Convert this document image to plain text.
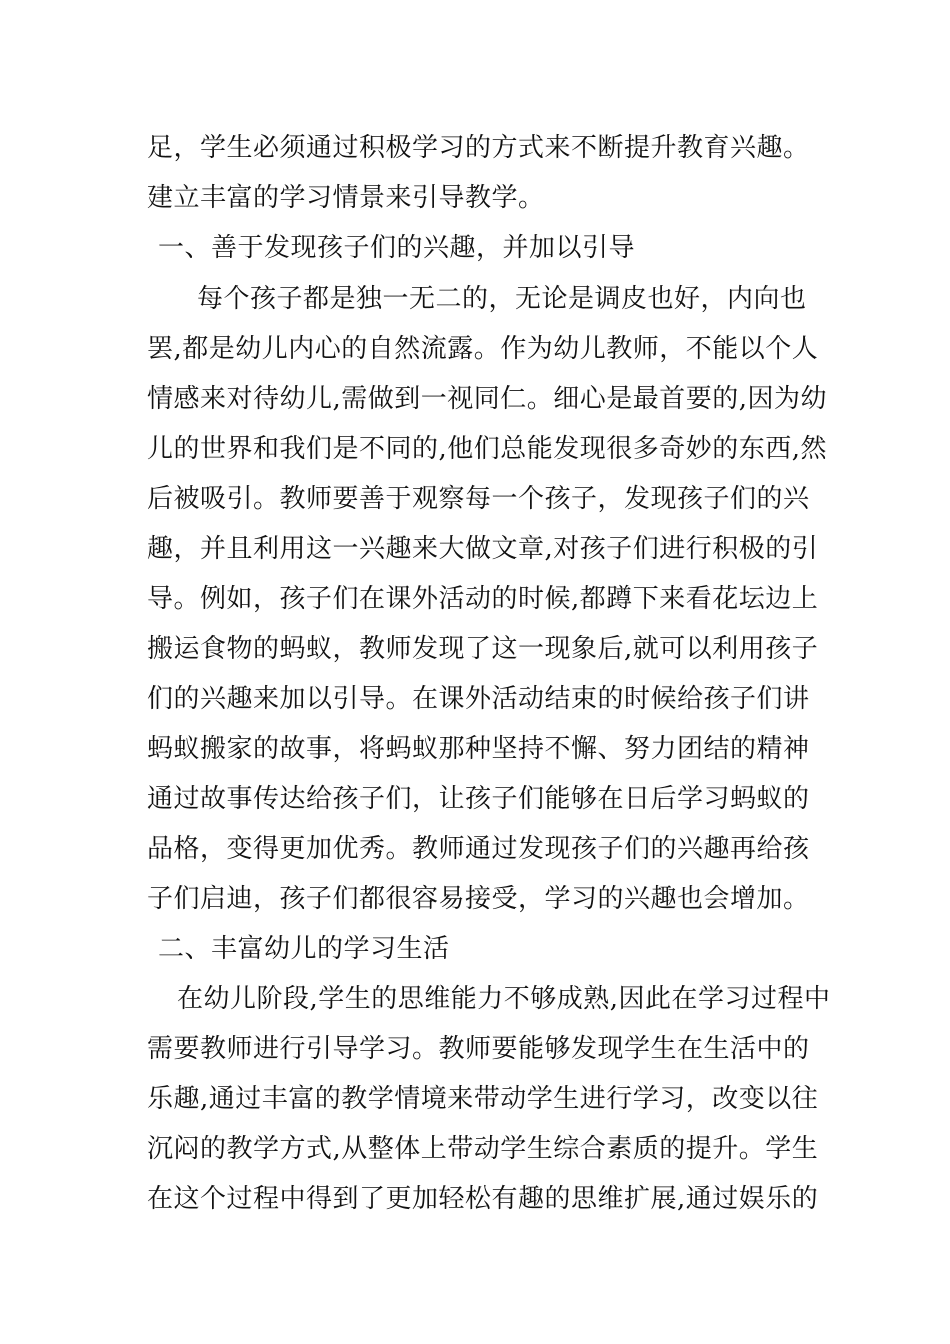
足，学生必须通过积极学习的方式来不断提升教育兴趣。
建立丰富的学习情景来引导教学。
一、善于发现孩子们的兴趣，并加以引导
每个孩子都是独一无二的，无论是调皮也好，内向也
罢,都是幼儿内心的自然流露。作为幼儿教师，不能以个人
情感来对待幼儿,需做到一视同仁。细心是最首要的,因为幼
儿的世界和我们是不同的,他们总能发现很多奇妙的东西,然
后被吸引。教师要善于观察每一个孩子，发现孩子们的兴
趣，并且利用这一兴趣来大做文章,对孩子们进行积极的引
导。例如，孩子们在课外活动的时候,都蹲下来看花坛边上
搬运食物的蚂蚁，教师发现了这一现象后,就可以利用孩子
们的兴趣来加以引导。在课外活动结束的时候给孩子们讲
蚂蚁搬家的故事，将蚂蚁那种坚持不懈、努力团结的精神
通过故事传达给孩子们，让孩子们能够在日后学习蚂蚁的
品格，变得更加优秀。教师通过发现孩子们的兴趣再给孩
子们启迪，孩子们都很容易接受，学习的兴趣也会增加。
二、丰富幼儿的学习生活
在幼儿阶段,学生的思维能力不够成熟,因此在学习过程中
需要教师进行引导学习。教师要能够发现学生在生活中的
乐趣,通过丰富的教学情境来带动学生进行学习，改变以往
沉闷的教学方式,从整体上带动学生综合素质的提升。学生
在这个过程中得到了更加轻松有趣的思维扩展,通过娱乐的
